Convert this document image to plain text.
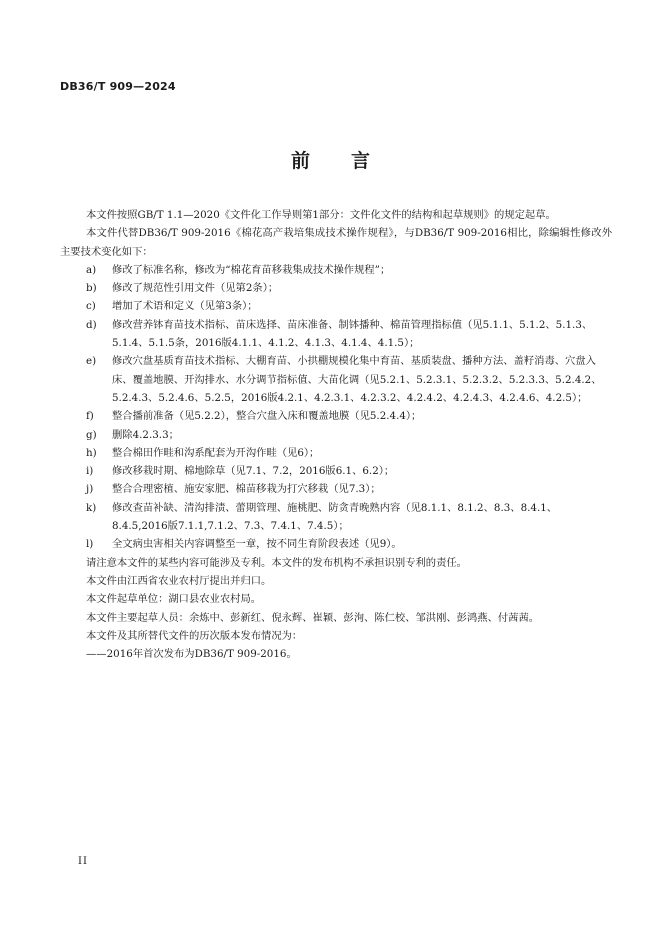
DB36/T 909—2024
前　　言

本文件按照GB/T 1.1—2020《文件化工作导则第1部分：文件化文件的结构和起草规则》的规定起草。

本文件代替DB36/T 909-2016《棉花高产栽培集成技术操作规程》，与DB36/T 909-2016相比，除编辑性修改外主要技术变化如下：

a) 修改了标准名称，修改为“棉花育苗移栽集成技术操作规程”；
b) 修改了规范性引用文件（见第2条）；
c) 增加了术语和定义（见第3条）；
d) 修改营养钵育苗技术指标、苗床选择、苗床准备、制钵播种、棉苗管理指标值（见5.1.1、5.1.2、5.1.3、5.1.4、5.1.5条，2016版4.1.1、4.1.2、4.1.3、4.1.4、4.1.5）；
e) 修改穴盘基质育苗技术指标、大棚育苗、小拱棚规模化集中育苗、基质装盘、播种方法、盖籽消毒、穴盘入床、覆盖地膜、开沟排水、水分调节指标值、大苗化调（见5.2.1、5.2.3.1、5.2.3.2、5.2.3.3、5.2.4.2、5.2.4.3、5.2.4.6、5.2.5，2016版4.2.1、4.2.3.1、4.2.3.2、4.2.4.2、4.2.4.3、4.2.4.6、4.2.5）；
f) 整合播前准备（见5.2.2），整合穴盘入床和覆盖地膜（见5.2.4.4）；
g) 删除4.2.3.3；
h) 整合棉田作畦和沟系配套为开沟作畦（见6）；
i) 修改移栽时期、棉地除草（见7.1、7.2，2016版6.1、6.2）；
j) 整合合理密植、施安家肥、棉苗移栽为打穴移栽（见7.3）；
k) 修改查苗补缺、清沟排渍、蕾期管理、施桃肥、防贪青晚熟内容（见8.1.1、8.1.2、8.3、8.4.1、8.4.5,2016版7.1.1,7.1.2、7.3、7.4.1、7.4.5）；
l) 全文病虫害相关内容调整至一章，按不同生育阶段表述（见9）。

请注意本文件的某些内容可能涉及专利。本文件的发布机构不承担识别专利的责任。

本文件由江西省农业农村厅提出并归口。

本文件起草单位：湖口县农业农村局。

本文件主要起草人员：余炼中、彭新红、倪永辉、崔颖、彭洵、陈仁校、邹洪刚、彭鸿燕、付茜茜。

本文件及其所替代文件的历次版本发布情况为：

——2016年首次发布为DB36/T 909-2016。

II
